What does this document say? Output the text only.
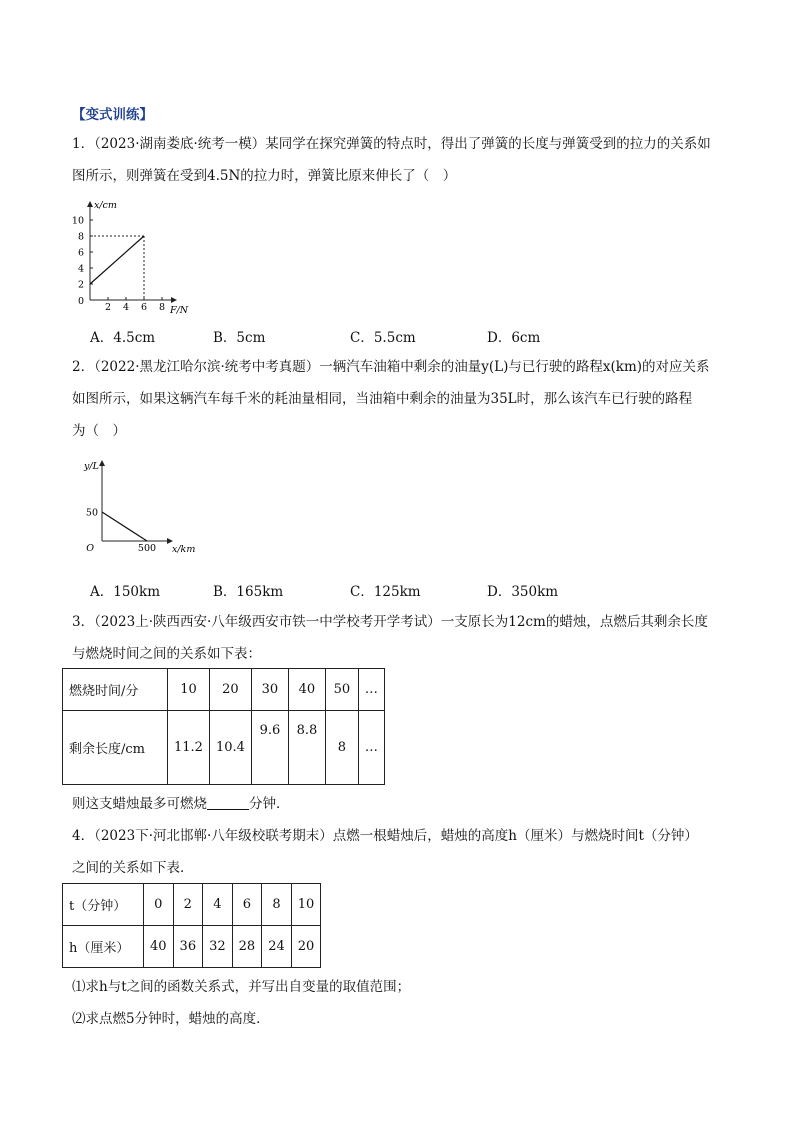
【变式训练】
1．（2023·湖南娄底·统考一模）某同学在探究弹簧的特点时，得出了弹簧的长度与弹簧受到的拉力的关系如
图所示，则弹簧在受到4.5N的拉力时，弹簧比原来伸长了（　）
x/cm
F/N
0
2
4
6
8
10
2 4 6 8
A．4.5cm	B．5cm	C．5.5cm	D．6cm
2．（2022·黑龙江哈尔滨·统考中考真题）一辆汽车油箱中剩余的油量y(L)与已行驶的路程x(km)的对应关系
如图所示，如果这辆汽车每千米的耗油量相同，当油箱中剩余的油量为35L时，那么该汽车已行驶的路程
为（　）
y/L
x/km
O
50
500
A．150km	B．165km	C．125km	D．350km
3．（2023上·陕西西安·八年级西安市铁一中学校考开学考试）一支原长为12cm的蜡烛，点燃后其剩余长度
与燃烧时间之间的关系如下表：
燃烧时间/分	10	20	30	40	50	…
剩余长度/cm	11.2	10.4	9.6	8.8	8	…
则这支蜡烛最多可燃烧	分钟．
4．（2023下·河北邯郸·八年级校联考期末）点燃一根蜡烛后，蜡烛的高度h（厘米）与燃烧时间t（分钟）
之间的关系如下表．
t（分钟）	0	2	4	6	8	10
h（厘米）	40	36	32	28	24	20
⑴求h与t之间的函数关系式，并写出自变量的取值范围；
⑵求点燃5分钟时，蜡烛的高度．
